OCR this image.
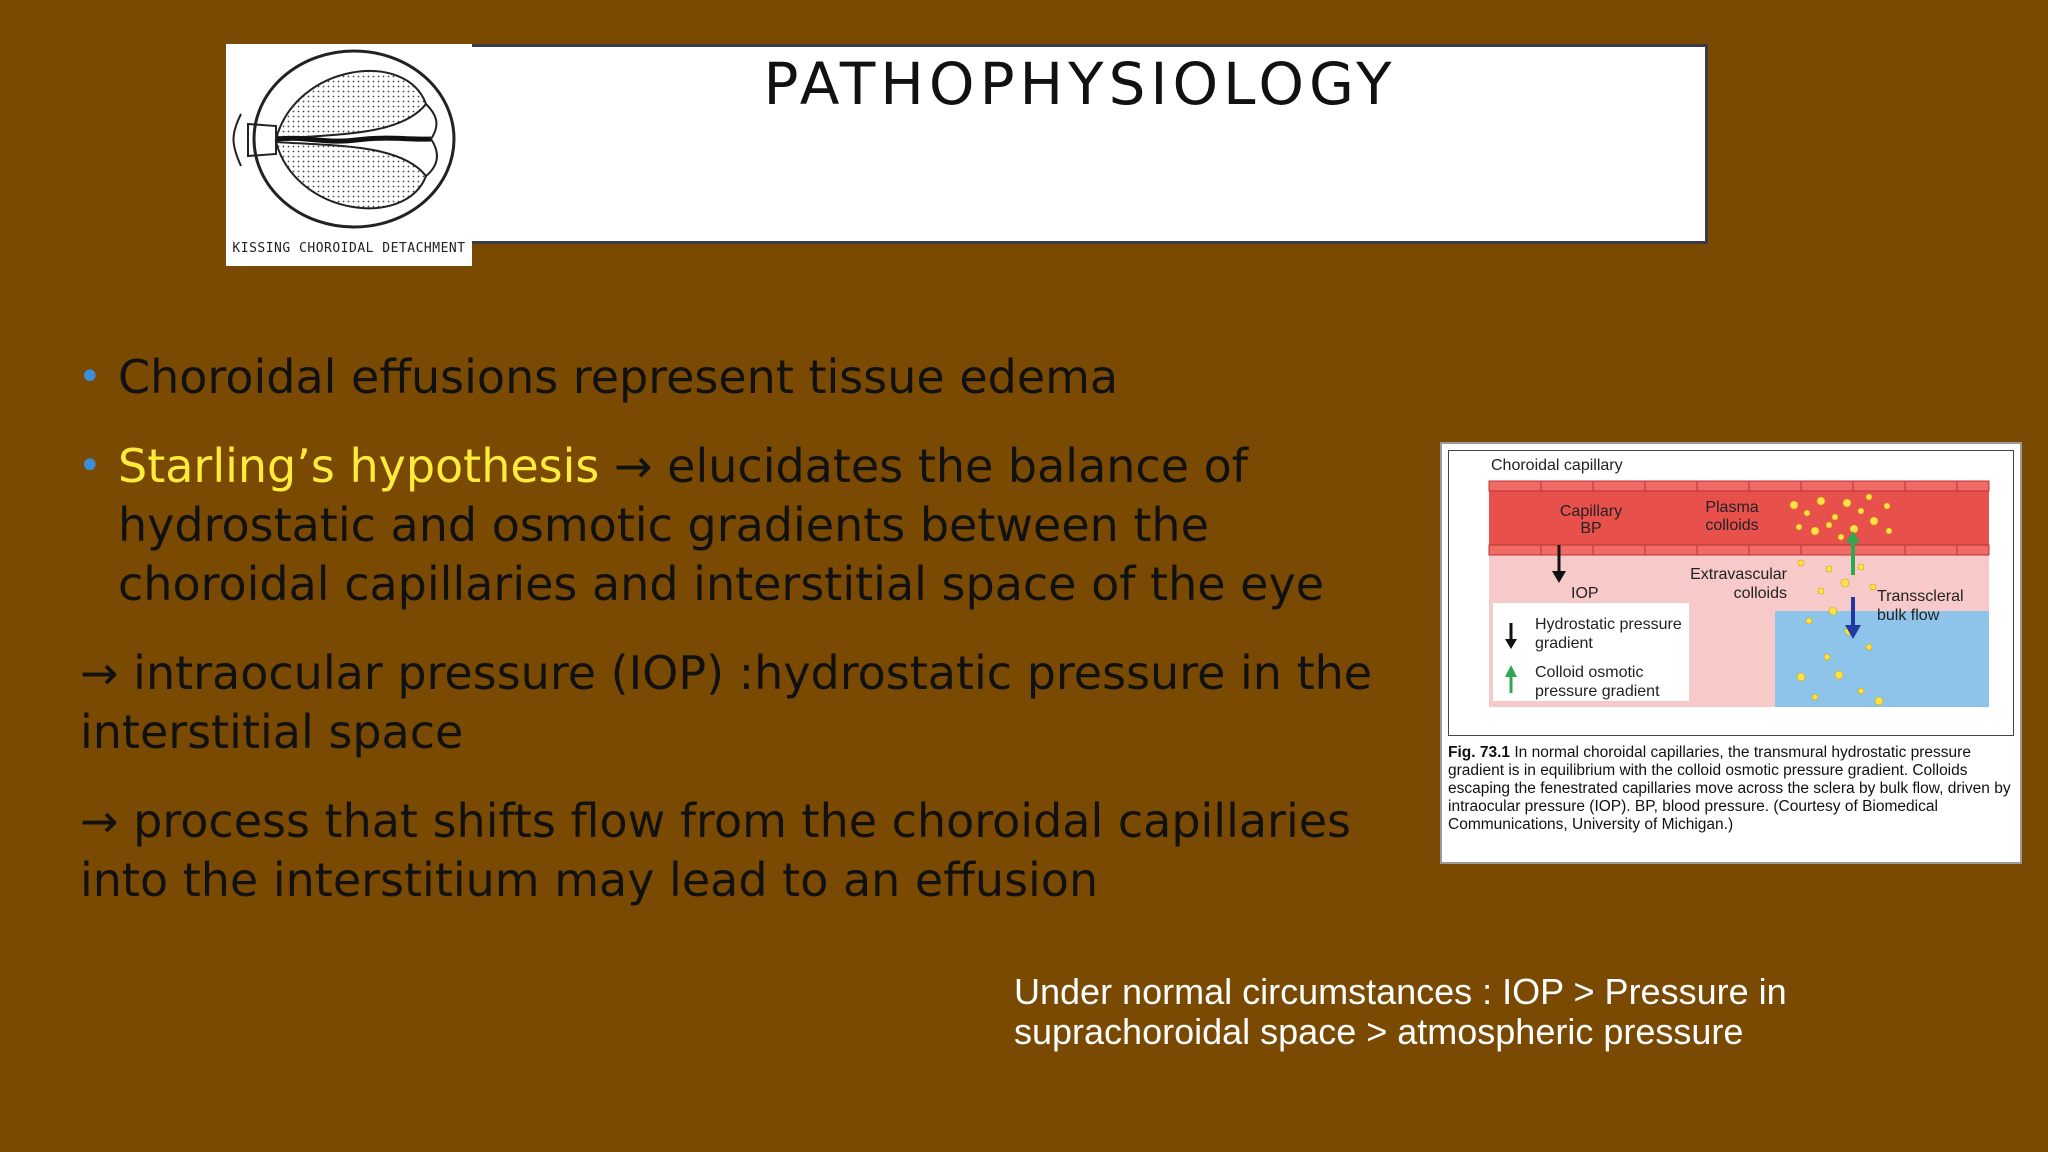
PATHOPHYSIOLOGY
KISSING CHOROIDAL DETACHMENT
• Choroidal effusions represent tissue edema
• Starling’s hypothesis → elucidates the balance of hydrostatic and osmotic gradients between the choroidal capillaries and interstitial space of the eye
→ intraocular pressure (IOP) :hydrostatic pressure in the interstitial space
→ process that shifts flow from the choroidal capillaries into the interstitium may lead to an effusion
Choroidal capillary
Capillary BP
Plasma colloids
IOP
Extravascular colloids	Transscleral bulk flow
Hydrostatic pressure gradient
Colloid osmotic pressure gradient
Fig. 73.1 In normal choroidal capillaries, the transmural hydrostatic pressure gradient is in equilibrium with the colloid osmotic pressure gradient. Colloids escaping the fenestrated capillaries move across the sclera by bulk flow, driven by intraocular pressure (IOP). BP, blood pressure. (Courtesy of Biomedical Communications, University of Michigan.)
Under normal circumstances : IOP > Pressure in suprachoroidal space > atmospheric pressure
